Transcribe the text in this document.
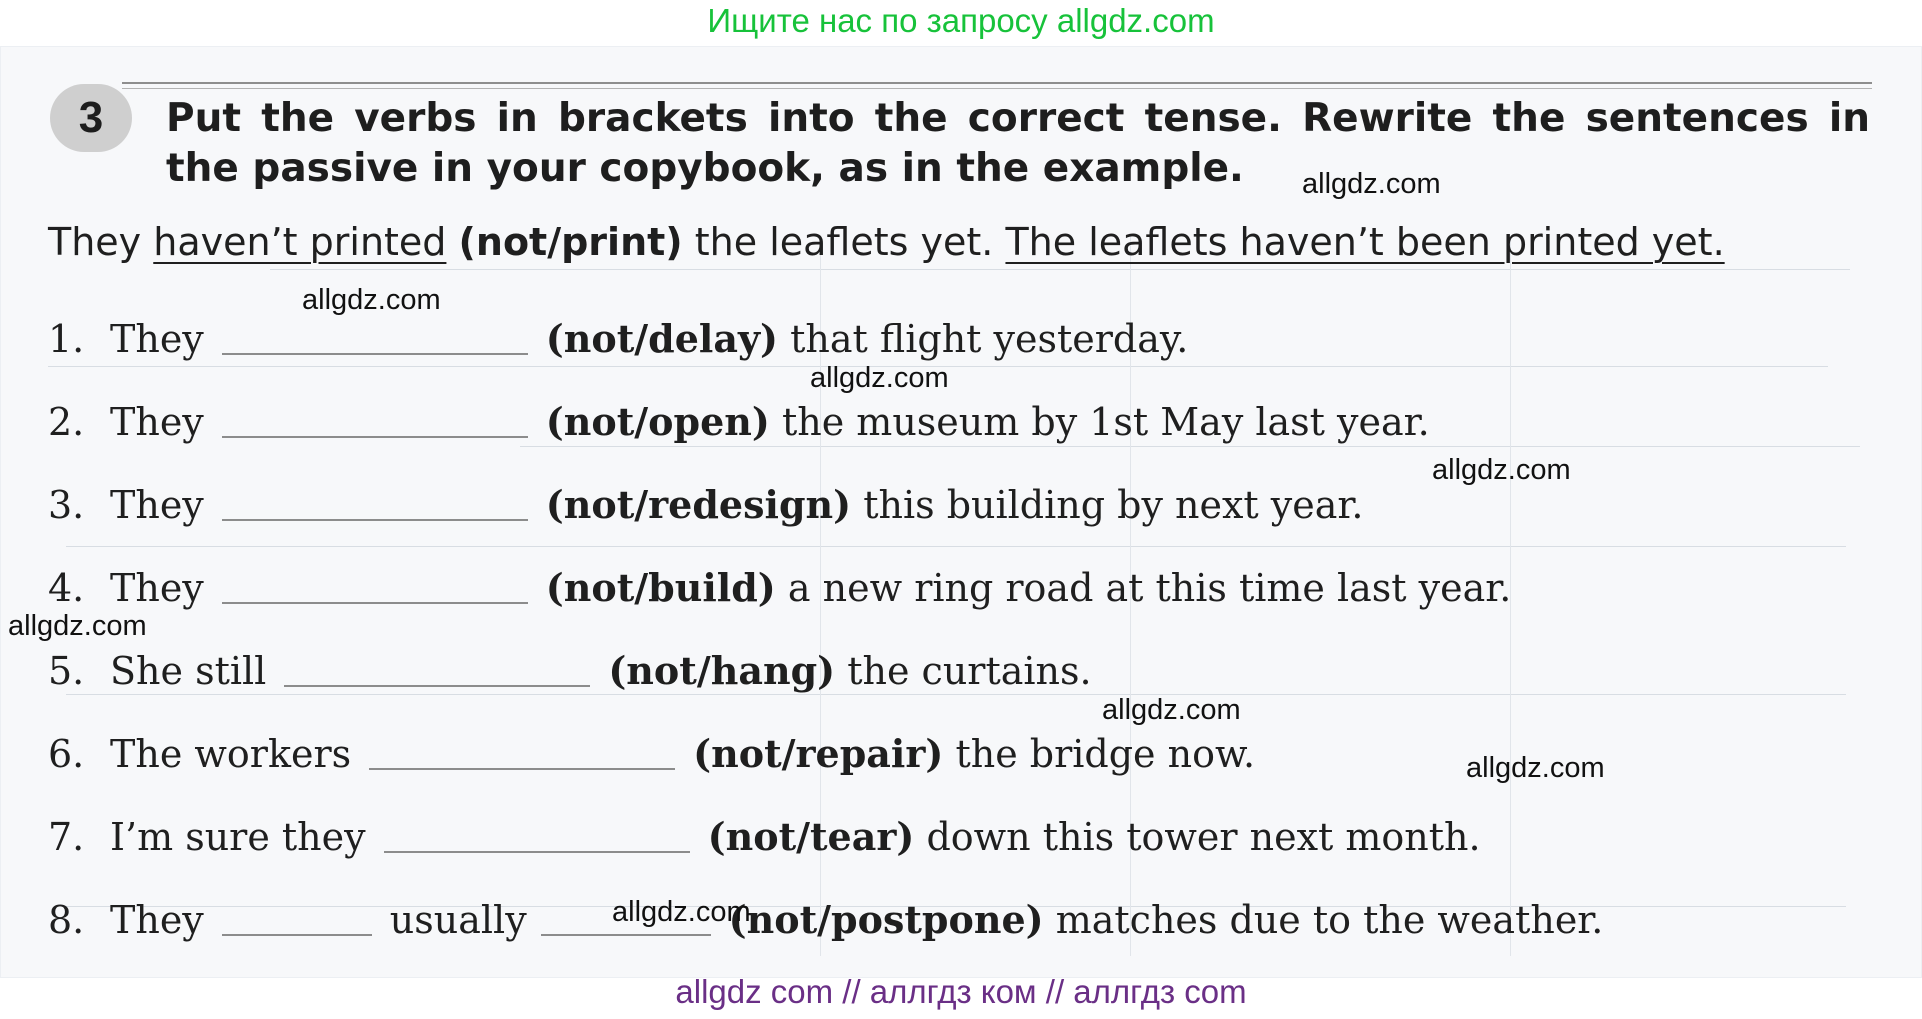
Ищите нас по запросу allgdz.com
3	Put the verbs in brackets into the correct tense. Rewrite the sentences in
the passive in your copybook, as in the example.
They haven’t printed (not/print) the leaflets yet. The leaflets haven’t been printed yet.
1. They	(not/delay) that flight yesterday.
2. They	(not/open) the museum by 1st May last year.
3. They	(not/redesign) this building by next year.
4. They	(not/build) a new ring road at this time last year.
5. She still	(not/hang) the curtains.
6. The workers	(not/repair) the bridge now.
7. I’m sure they	(not/tear) down this tower next month.
8. They	usually	(not/postpone) matches due to the weather.
allgdz.com
allgdz.com
allgdz.com
allgdz.com
allgdz.com
allgdz.com
allgdz.com
allgdz.com
allgdz com // аллгдз ком // аллгдз com
